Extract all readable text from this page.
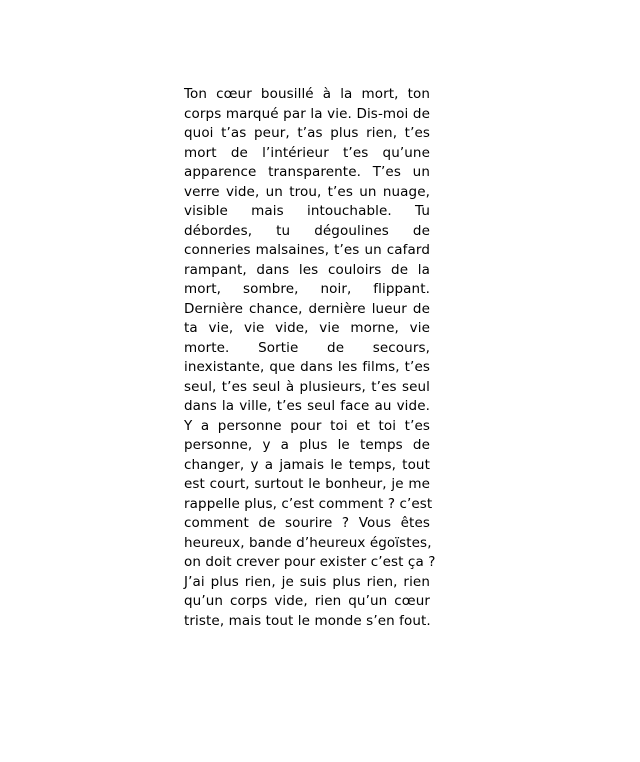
Ton cœur bousillé à la mort, ton
corps marqué par la vie. Dis-moi de
quoi t’as peur, t’as plus rien, t’es
mort de l’intérieur t’es qu’une
apparence transparente. T’es un
verre vide, un trou, t’es un nuage,
visible mais intouchable. Tu
débordes, tu dégoulines de
conneries malsaines, t’es un cafard
rampant, dans les couloirs de la
mort, sombre, noir, flippant.
Dernière chance, dernière lueur de
ta vie, vie vide, vie morne, vie
morte. Sortie de secours,
inexistante, que dans les films, t’es
seul, t’es seul à plusieurs, t’es seul
dans la ville, t’es seul face au vide.
Y a personne pour toi et toi t’es
personne, y a plus le temps de
changer, y a jamais le temps, tout
est court, surtout le bonheur, je me
rappelle plus, c’est comment ? c’est
comment de sourire ? Vous êtes
heureux, bande d’heureux égoïstes,
on doit crever pour exister c’est ça ?
J’ai plus rien, je suis plus rien, rien
qu’un corps vide, rien qu’un cœur
triste, mais tout le monde s’en fout.
